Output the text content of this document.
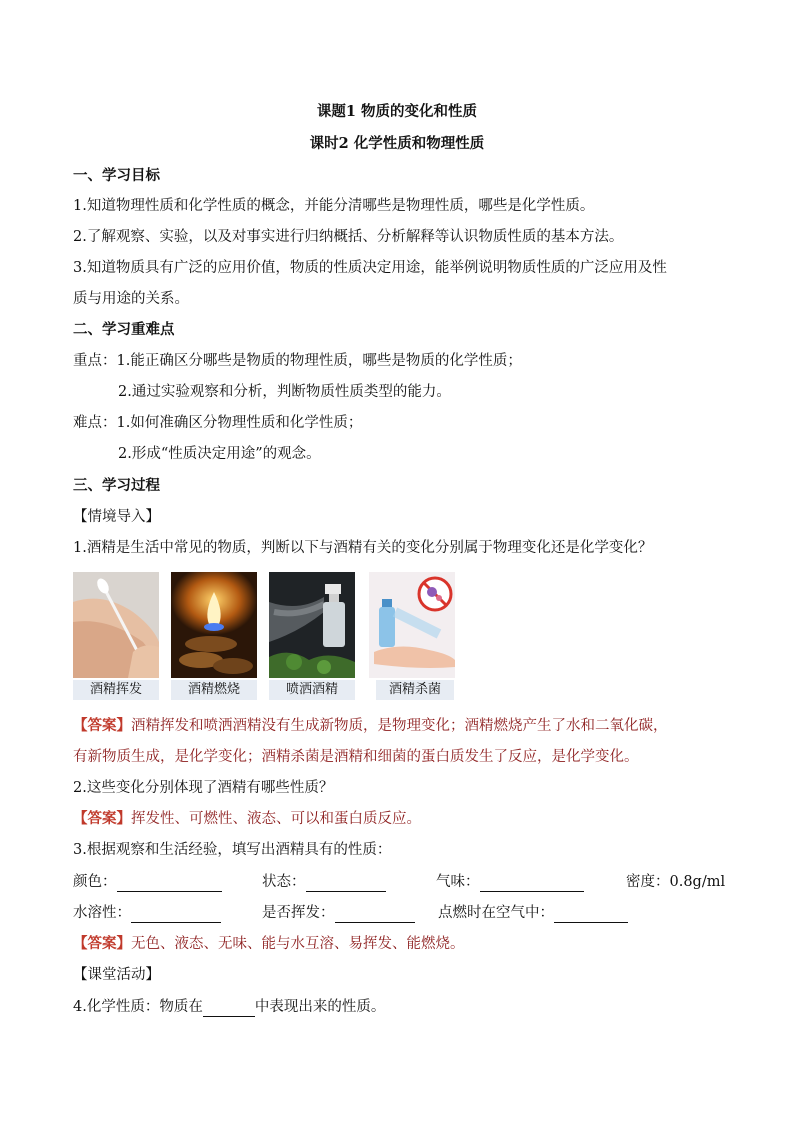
课题1 物质的变化和性质
课时2 化学性质和物理性质
一、学习目标
1.知道物理性质和化学性质的概念，并能分清哪些是物理性质，哪些是化学性质。
2.了解观察、实验，以及对事实进行归纳概括、分析解释等认识物质性质的基本方法。
3.知道物质具有广泛的应用价值，物质的性质决定用途，能举例说明物质性质的广泛应用及性
质与用途的关系。
二、学习重难点
重点：1.能正确区分哪些是物质的物理性质，哪些是物质的化学性质；
2.通过实验观察和分析，判断物质性质类型的能力。
难点：1.如何准确区分物理性质和化学性质；
2.形成“性质决定用途”的观念。
三、学习过程
【情境导入】
1.酒精是生活中常见的物质，判断以下与酒精有关的变化分别属于物理变化还是化学变化？
酒精挥发	酒精燃烧	喷洒酒精	酒精杀菌
【答案】酒精挥发和喷洒酒精没有生成新物质，是物理变化；酒精燃烧产生了水和二氧化碳，
有新物质生成，是化学变化；酒精杀菌是酒精和细菌的蛋白质发生了反应，是化学变化。
2.这些变化分别体现了酒精有哪些性质？
【答案】挥发性、可燃性、液态、可以和蛋白质反应。
3.根据观察和生活经验，填写出酒精具有的性质：
颜色：	状态：	气味：	密度：0.8g/ml
水溶性：	是否挥发：	点燃时在空气中：
【答案】无色、液态、无味、能与水互溶、易挥发、能燃烧。
【课堂活动】
4.化学性质：物质在	中表现出来的性质。
